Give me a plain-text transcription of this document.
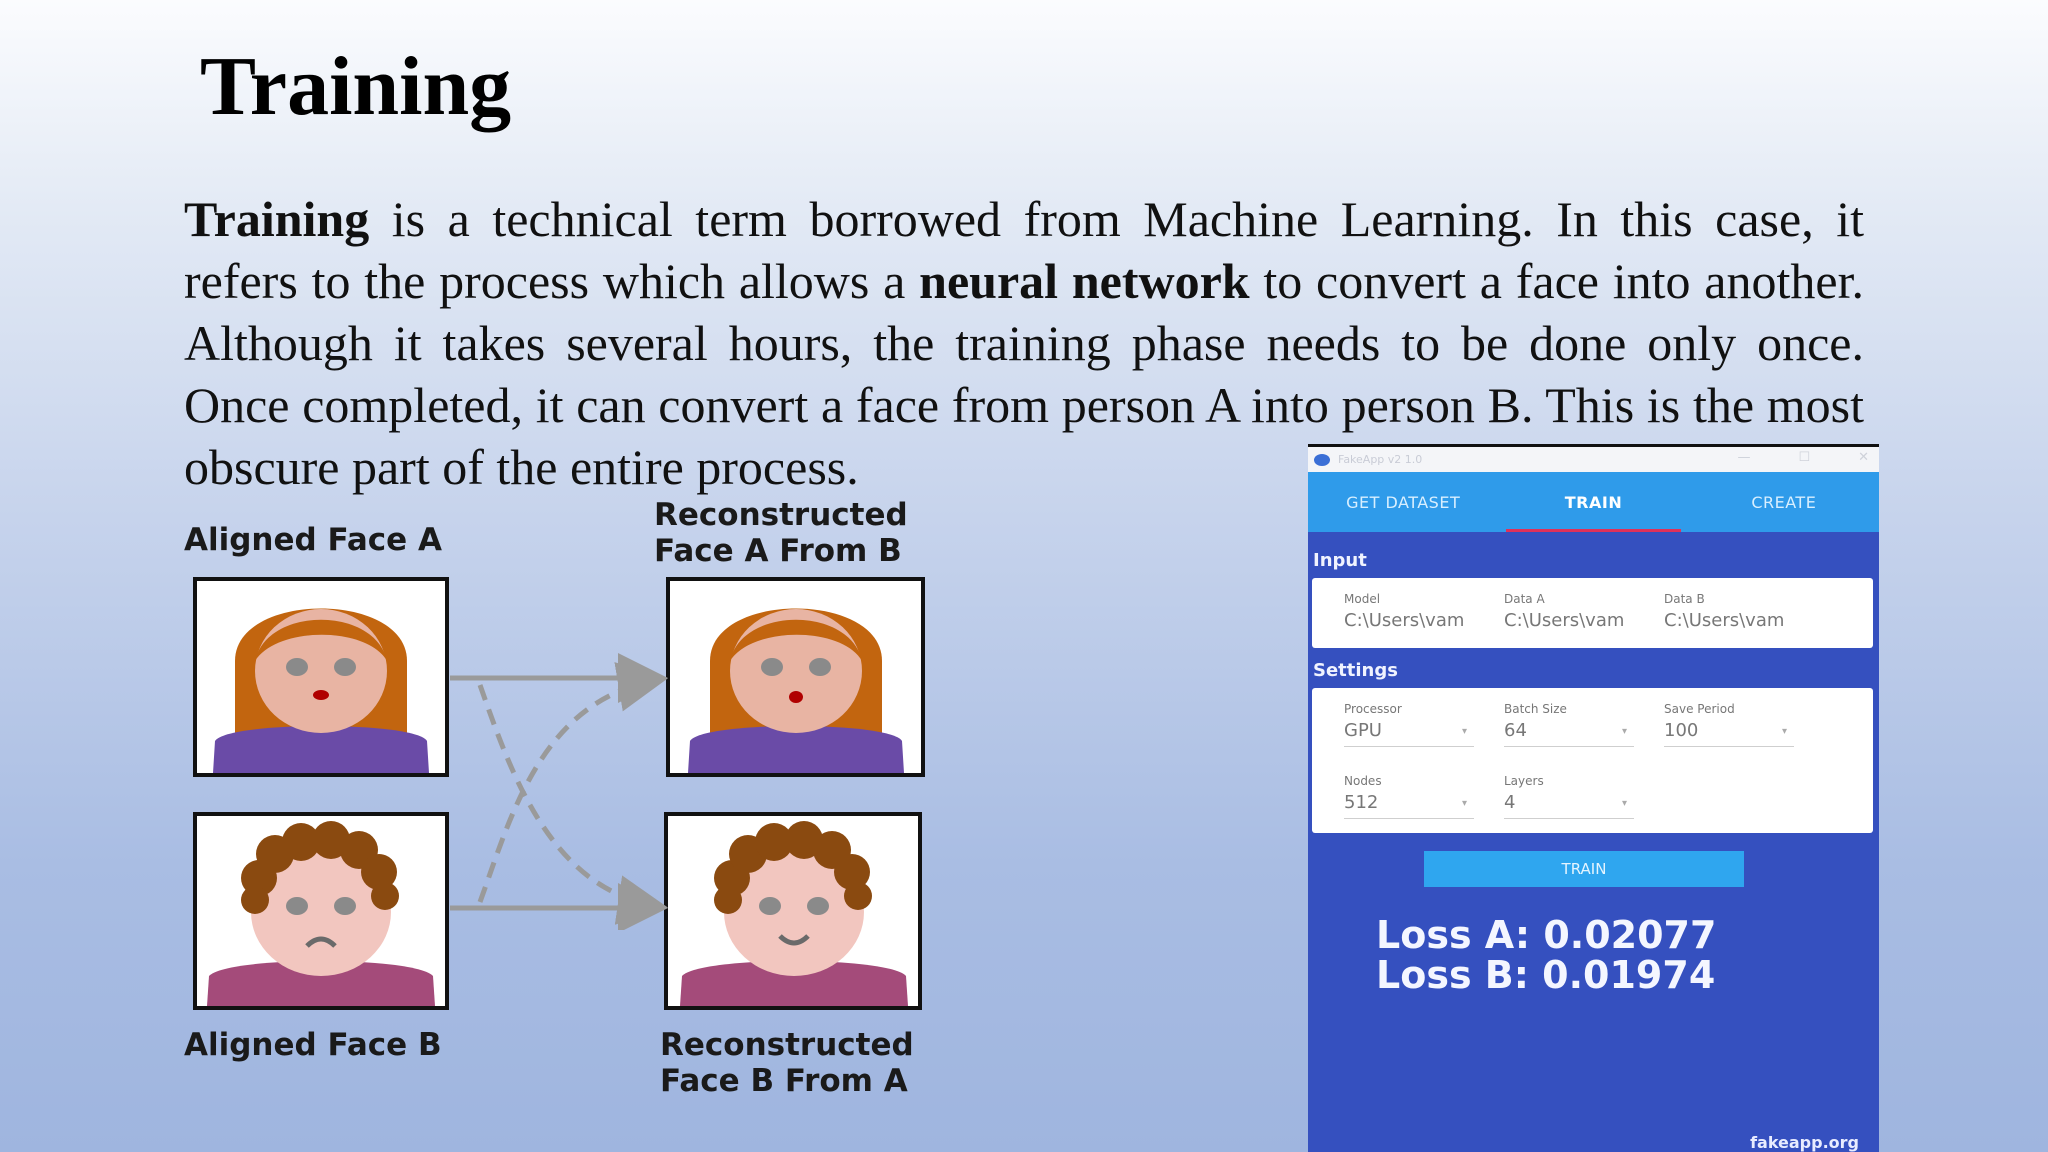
Training
Training is a technical term borrowed from Machine Learning. In this case, it refers to the process which allows a neural network to convert a face into another. Although it takes several hours, the training phase needs to be done only once. Once completed, it can convert a face from person A into person B. This is the most obscure part of the entire process.
Aligned Face A
Reconstructed
Face A From B
Aligned Face B	Reconstructed
Face B From A
FakeApp v2 1.0	—	☐	✕
GET DATASET	TRAIN	CREATE
Input
Model
C:\Users\vam
Data A
C:\Users\vam
Data B
C:\Users\vam
Settings
Processor
GPU	▾
Batch Size
64	▾
Save Period
100	▾
Nodes
512	▾
Layers
4	▾
TRAIN
Loss A: 0.02077
Loss B: 0.01974
fakeapp.org
